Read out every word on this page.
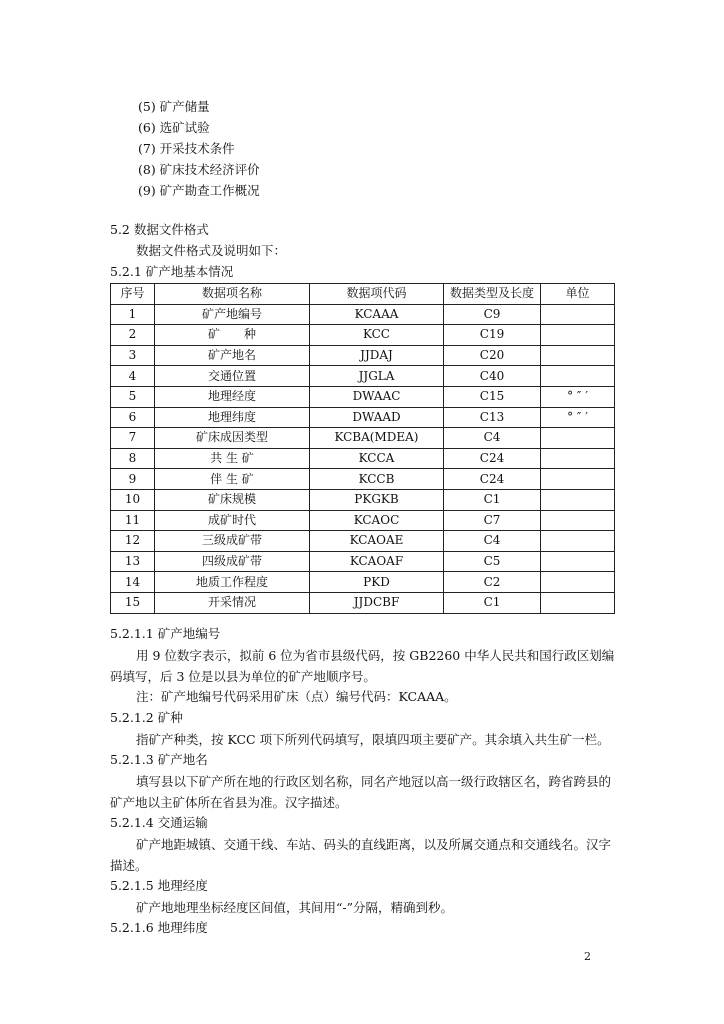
(5) 矿产储量
(6) 选矿试验
(7) 开采技术条件
(8) 矿床技术经济评价
(9) 矿产勘查工作概况
5.2 数据文件格式
数据文件格式及说明如下：
5.2.1 矿产地基本情况
序号	数据项名称	数据项代码	数据类型及长度	单位
1	矿产地编号	KCAAA	C9	
2	矿　　种	KCC	C19	
3	矿产地名	JJDAJ	C20	
4	交通位置	JJGLA	C40	
5	地理经度	DWAAC	C15	° ″ ′
6	地理纬度	DWAAD	C13	° ″ ′
7	矿床成因类型	KCBA(MDEA)	C4	
8	共 生 矿	KCCA	C24	
9	伴 生 矿	KCCB	C24	
10	矿床规模	PKGKB	C1	
11	成矿时代	KCAOC	C7	
12	三级成矿带	KCAOAE	C4	
13	四级成矿带	KCAOAF	C5	
14	地质工作程度	PKD	C2	
15	开采情况	JJDCBF	C1	
5.2.1.1 矿产地编号
用 9 位数字表示，拟前 6 位为省市县级代码，按 GB2260 中华人民共和国行政区划编码填写，后 3 位是以县为单位的矿产地顺序号。
注：矿产地编号代码采用矿床（点）编号代码：KCAAA。
5.2.1.2 矿种
指矿产种类，按 KCC 项下所列代码填写，限填四项主要矿产。其余填入共生矿一栏。
5.2.1.3 矿产地名
填写县以下矿产所在地的行政区划名称，同名产地冠以高一级行政辖区名，跨省跨县的矿产地以主矿体所在省县为准。汉字描述。
5.2.1.4 交通运输
矿产地距城镇、交通干线、车站、码头的直线距离，以及所属交通点和交通线名。汉字描述。
5.2.1.5 地理经度
矿产地地理坐标经度区间值，其间用“-”分隔，精确到秒。
5.2.1.6 地理纬度
2
